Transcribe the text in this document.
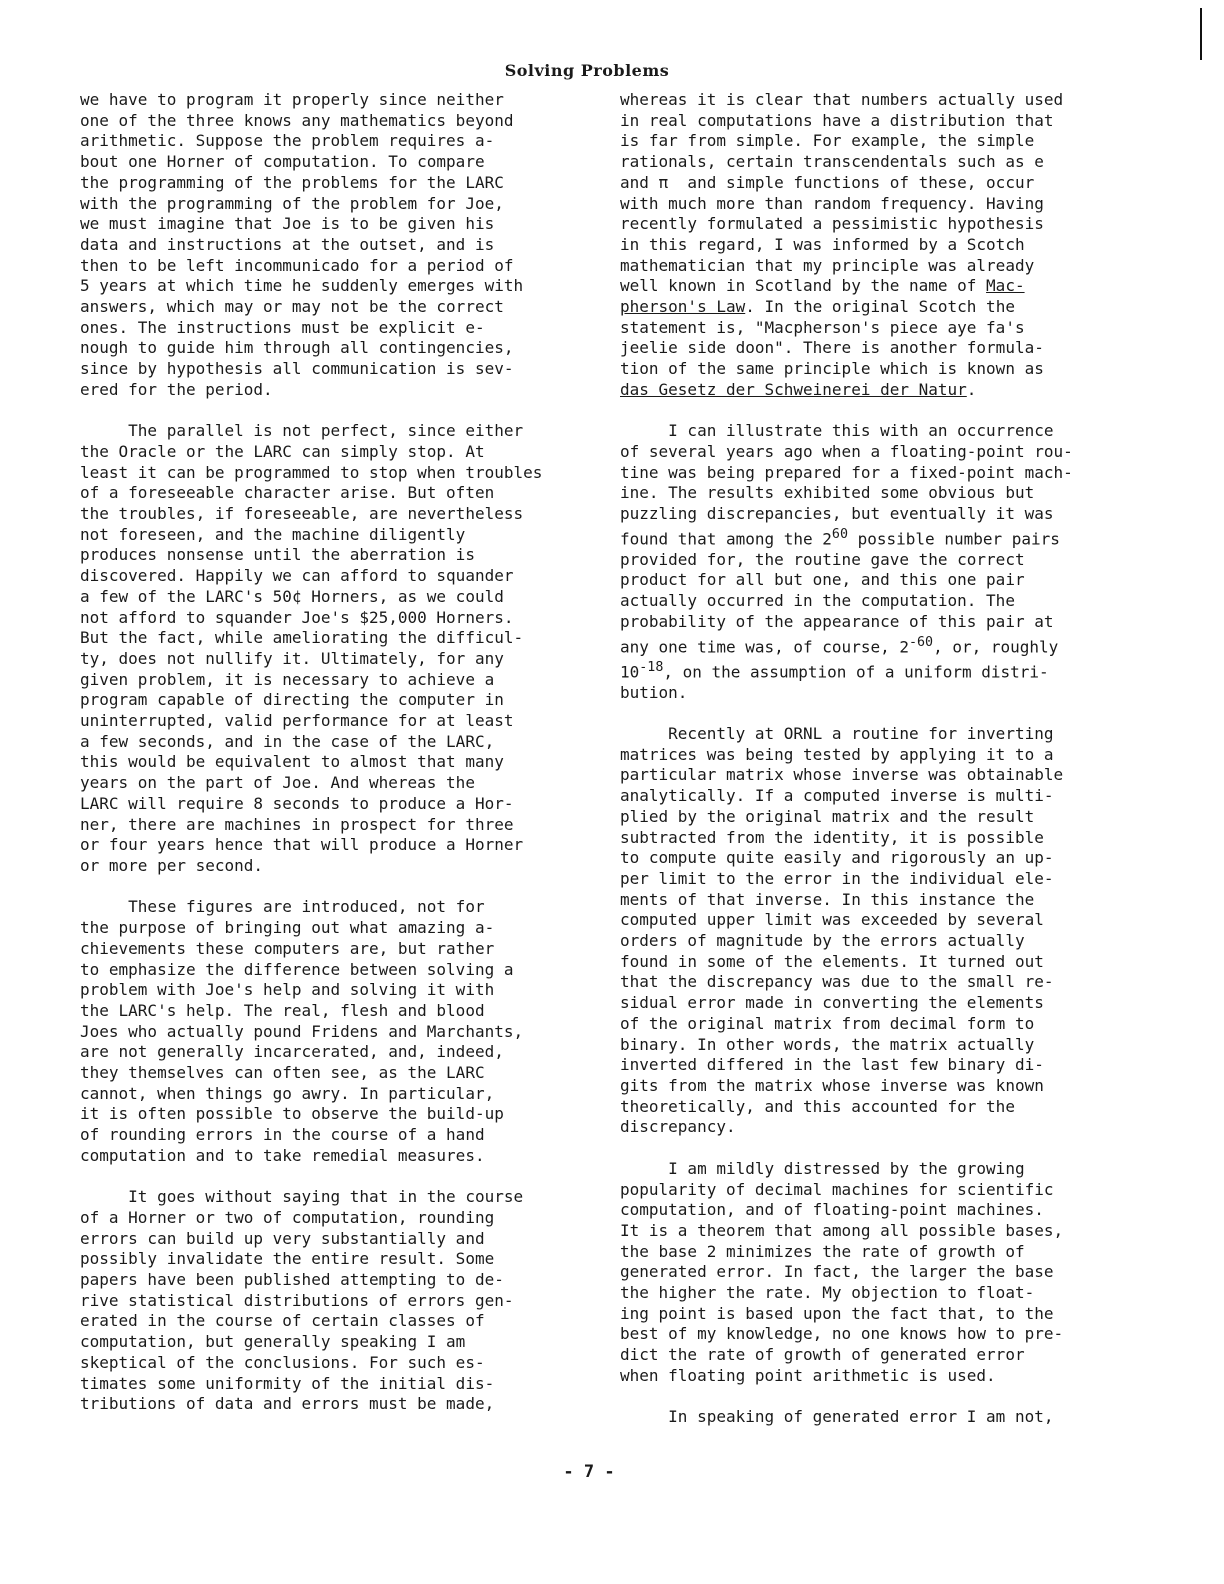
Solving Problems

we have to program it properly since neither
one of the three knows any mathematics beyond
arithmetic. Suppose the problem requires a-
bout one Horner of computation. To compare
the programming of the problems for the LARC
with the programming of the problem for Joe,
we must imagine that Joe is to be given his
data and instructions at the outset, and is
then to be left incommunicado for a period of
5 years at which time he suddenly emerges with
answers, which may or may not be the correct
ones. The instructions must be explicit e-
nough to guide him through all contingencies,
since by hypothesis all communication is sev-
ered for the period.

The parallel is not perfect, since either
the Oracle or the LARC can simply stop. At
least it can be programmed to stop when troubles
of a foreseeable character arise. But often
the troubles, if foreseeable, are nevertheless
not foreseen, and the machine diligently
produces nonsense until the aberration is
discovered. Happily we can afford to squander
a few of the LARC's 50¢ Horners, as we could
not afford to squander Joe's $25,000 Horners.
But the fact, while ameliorating the difficul-
ty, does not nullify it. Ultimately, for any
given problem, it is necessary to achieve a
program capable of directing the computer in
uninterrupted, valid performance for at least
a few seconds, and in the case of the LARC,
this would be equivalent to almost that many
years on the part of Joe. And whereas the
LARC will require 8 seconds to produce a Hor-
ner, there are machines in prospect for three
or four years hence that will produce a Horner
or more per second.

These figures are introduced, not for
the purpose of bringing out what amazing a-
chievements these computers are, but rather
to emphasize the difference between solving a
problem with Joe's help and solving it with
the LARC's help. The real, flesh and blood
Joes who actually pound Fridens and Marchants,
are not generally incarcerated, and, indeed,
they themselves can often see, as the LARC
cannot, when things go awry. In particular,
it is often possible to observe the build-up
of rounding errors in the course of a hand
computation and to take remedial measures.

It goes without saying that in the course
of a Horner or two of computation, rounding
errors can build up very substantially and
possibly invalidate the entire result. Some
papers have been published attempting to de-
rive statistical distributions of errors gen-
erated in the course of certain classes of
computation, but generally speaking I am
skeptical of the conclusions. For such es-
timates some uniformity of the initial dis-
tributions of data and errors must be made,

whereas it is clear that numbers actually used
in real computations have a distribution that
is far from simple. For example, the simple
rationals, certain transcendentals such as e
and π  and simple functions of these, occur
with much more than random frequency. Having
recently formulated a pessimistic hypothesis
in this regard, I was informed by a Scotch
mathematician that my principle was already
well known in Scotland by the name of Mac-
pherson's Law. In the original Scotch the
statement is, "Macpherson's piece aye fa's
jeelie side doon". There is another formula-
tion of the same principle which is known as
das Gesetz der Schweinerei der Natur.

I can illustrate this with an occurrence
of several years ago when a floating-point rou-
tine was being prepared for a fixed-point mach-
ine. The results exhibited some obvious but
puzzling discrepancies, but eventually it was
found that among the $2^{60}$ possible number pairs
provided for, the routine gave the correct
product for all but one, and this one pair
actually occurred in the computation. The
probability of the appearance of this pair at
any one time was, of course, $2^{-60}$, or, roughly
$10^{-18}$, on the assumption of a uniform distri-
bution.

Recently at ORNL a routine for inverting
matrices was being tested by applying it to a
particular matrix whose inverse was obtainable
analytically. If a computed inverse is multi-
plied by the original matrix and the result
subtracted from the identity, it is possible
to compute quite easily and rigorously an up-
per limit to the error in the individual ele-
ments of that inverse. In this instance the
computed upper limit was exceeded by several
orders of magnitude by the errors actually
found in some of the elements. It turned out
that the discrepancy was due to the small re-
sidual error made in converting the elements
of the original matrix from decimal form to
binary. In other words, the matrix actually
inverted differed in the last few binary di-
gits from the matrix whose inverse was known
theoretically, and this accounted for the
discrepancy.

I am mildly distressed by the growing
popularity of decimal machines for scientific
computation, and of floating-point machines.
It is a theorem that among all possible bases,
the base 2 minimizes the rate of growth of
generated error. In fact, the larger the base
the higher the rate. My objection to float-
ing point is based upon the fact that, to the
best of my knowledge, no one knows how to pre-
dict the rate of growth of generated error
when floating point arithmetic is used.

In speaking of generated error I am not,

- 7 -
